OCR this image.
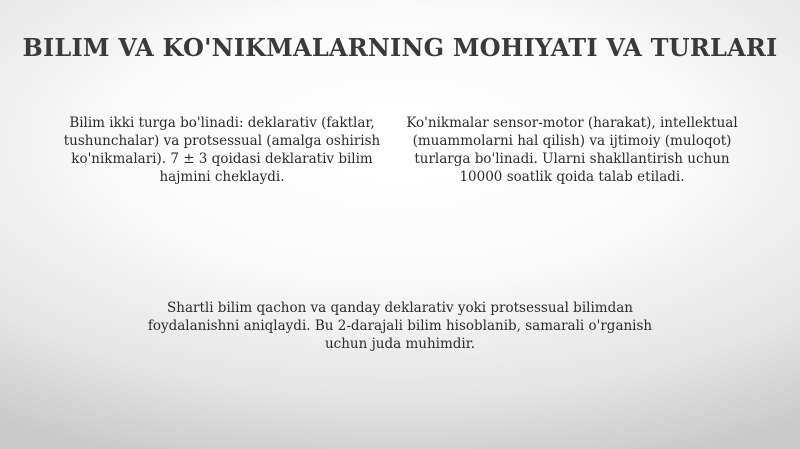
BILIM VA KO'NIKMALARNING MOHIYATI VA TURLARI

Bilim ikki turga bo'linadi: deklarativ (faktlar, tushunchalar) va protsessual (amalga oshirish ko'nikmalari). 7 ± 3 qoidasi deklarativ bilim hajmini cheklaydi.

Ko'nikmalar sensor-motor (harakat), intellektual (muammolarni hal qilish) va ijtimoiy (muloqot) turlarga bo'linadi. Ularni shakllantirish uchun 10000 soatlik qoida talab etiladi.

Shartli bilim qachon va qanday deklarativ yoki protsessual bilimdan foydalanishni aniqlaydi. Bu 2-darajali bilim hisoblanib, samarali o'rganish uchun juda muhimdir.
